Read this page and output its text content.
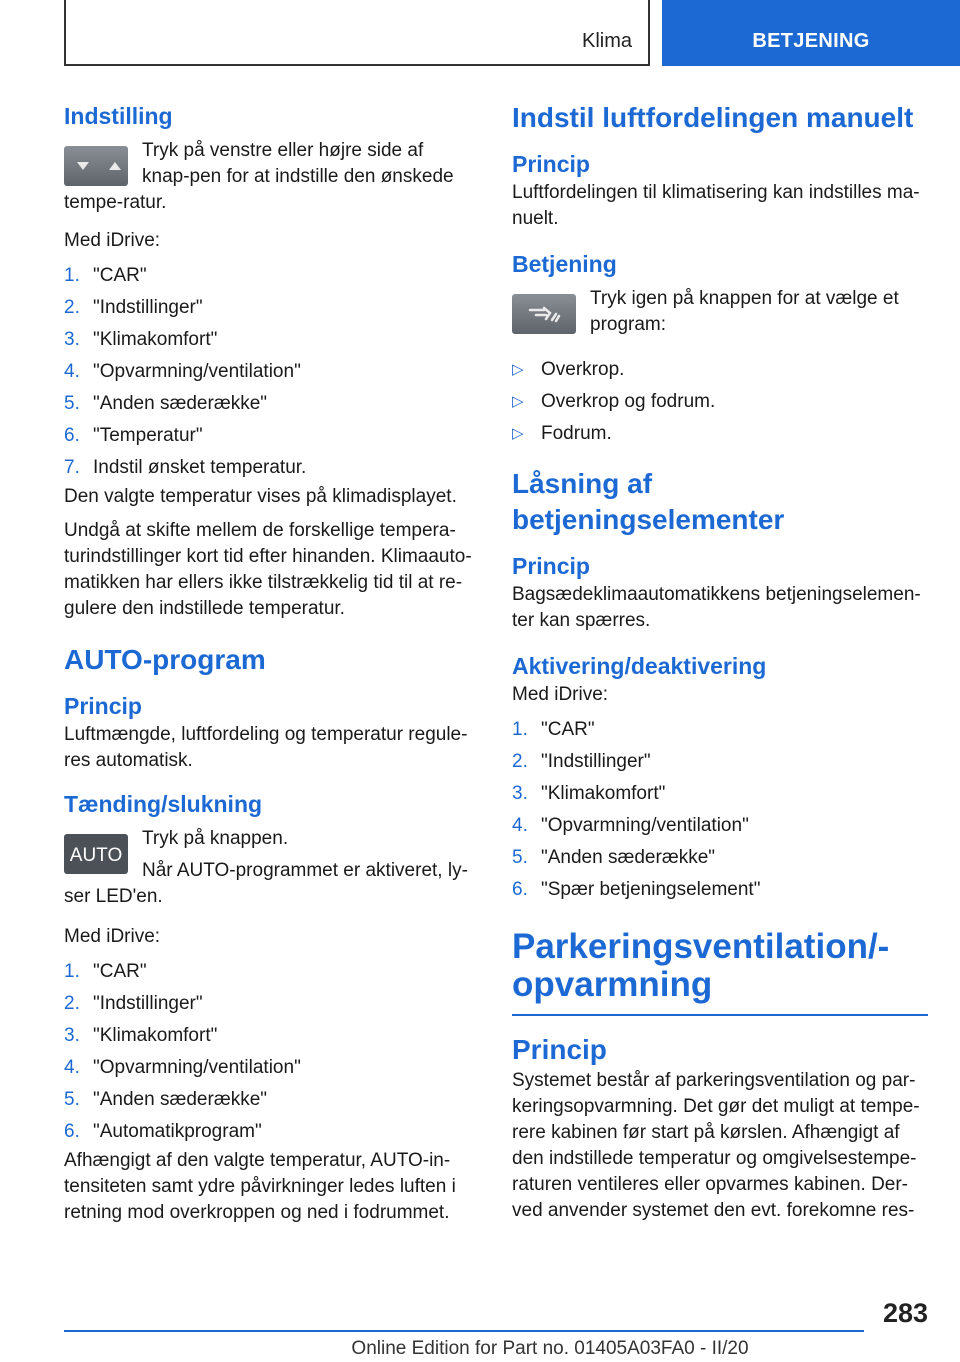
Klima	BETJENING
Indstilling
Tryk på venstre eller højre side af knap-pen for at indstille den ønskede tempe-ratur.
Med iDrive:
1. "CAR"
2. "Indstillinger"
3. "Klimakomfort"
4. "Opvarmning/ventilation"
5. "Anden sæderække"
6. "Temperatur"
7. Indstil ønsket temperatur.
Den valgte temperatur vises på klimadisplayet.
Undgå at skifte mellem de forskellige tempera-turindstillinger kort tid efter hinanden. Klimaauto-matikken har ellers ikke tilstrækkelig tid til at re-gulere den indstillede temperatur.
AUTO-program
Princip
Luftmængde, luftfordeling og temperatur regule-res automatisk.
Tænding/slukning
AUTO
Tryk på knappen.
Når AUTO-programmet er aktiveret, ly-ser LED'en.
Med iDrive:
1. "CAR"
2. "Indstillinger"
3. "Klimakomfort"
4. "Opvarmning/ventilation"
5. "Anden sæderække"
6. "Automatikprogram"
Afhængigt af den valgte temperatur, AUTO-in-tensiteten samt ydre påvirkninger ledes luften i retning mod overkroppen og ned i fodrummet.
Indstil luftfordelingen manuelt
Princip
Luftfordelingen til klimatisering kan indstilles ma-nuelt.
Betjening
Tryk igen på knappen for at vælge et program:
▷ Overkrop.
▷ Overkrop og fodrum.
▷ Fodrum.
Låsning af betjeningselementer
Princip
Bagsædeklimaautomatikkens betjeningselemen-ter kan spærres.
Aktivering/deaktivering
Med iDrive:
1. "CAR"
2. "Indstillinger"
3. "Klimakomfort"
4. "Opvarmning/ventilation"
5. "Anden sæderække"
6. "Spær betjeningselement"
Parkeringsventilation/-
opvarmning
Princip
Systemet består af parkeringsventilation og par-keringsopvarmning. Det gør det muligt at tempe-rere kabinen før start på kørslen. Afhængigt af den indstillede temperatur og omgivelsestempe-raturen ventileres eller opvarmes kabinen. Der-ved anvender systemet den evt. forekomne res-
283
Online Edition for Part no. 01405A03FA0 - II/20
